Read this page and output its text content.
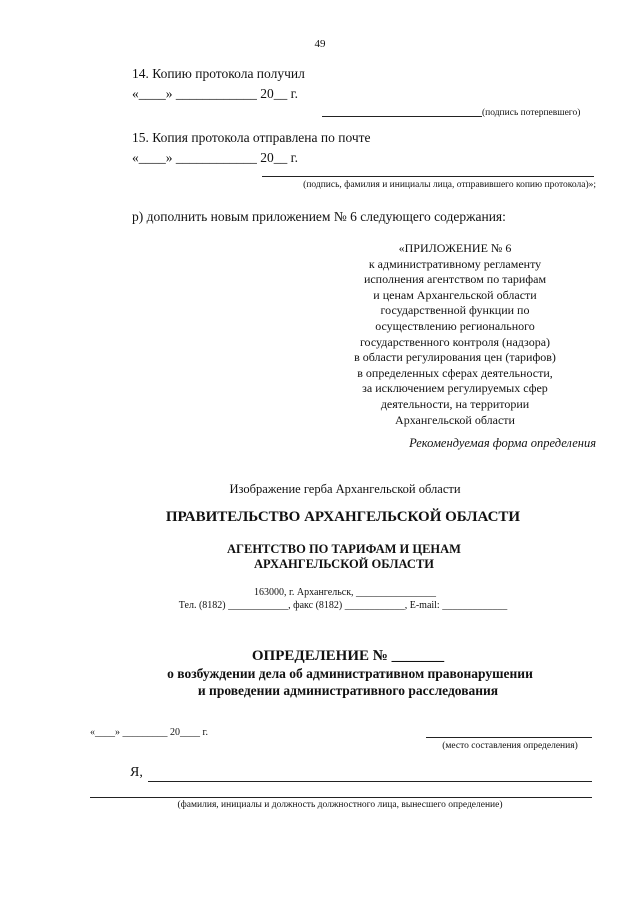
49
14. Копию протокола получил
«____» ____________ 20__ г.
(подпись потерпевшего)
15. Копия протокола отправлена по почте
«____» ____________ 20__ г.
(подпись, фамилия и инициалы лица, отправившего копию протокола)»;
р) дополнить новым приложением № 6 следующего содержания:
«ПРИЛОЖЕНИЕ № 6
к административному регламенту
исполнения агентством по тарифам
и ценам Архангельской области
государственной функции по
осуществлению регионального
государственного контроля (надзора)
в области регулирования цен (тарифов)
в определенных сферах деятельности,
за исключением регулируемых сфер
деятельности, на территории
Архангельской области
Рекомендуемая форма определения
Изображение герба Архангельской области
ПРАВИТЕЛЬСТВО АРХАНГЕЛЬСКОЙ ОБЛАСТИ
АГЕНТСТВО ПО ТАРИФАМ И ЦЕНАМ
АРХАНГЕЛЬСКОЙ ОБЛАСТИ
163000, г. Архангельск, ________________
Тел. (8182) ____________, факс (8182) ____________, E-mail: _____________
ОПРЕДЕЛЕНИЕ № _______
о возбуждении дела об административном правонарушении
и проведении административного расследования
«____» _________ 20____ г.
(место составления определения)
Я,
(фамилия, инициалы и должность должностного лица, вынесшего определение)
